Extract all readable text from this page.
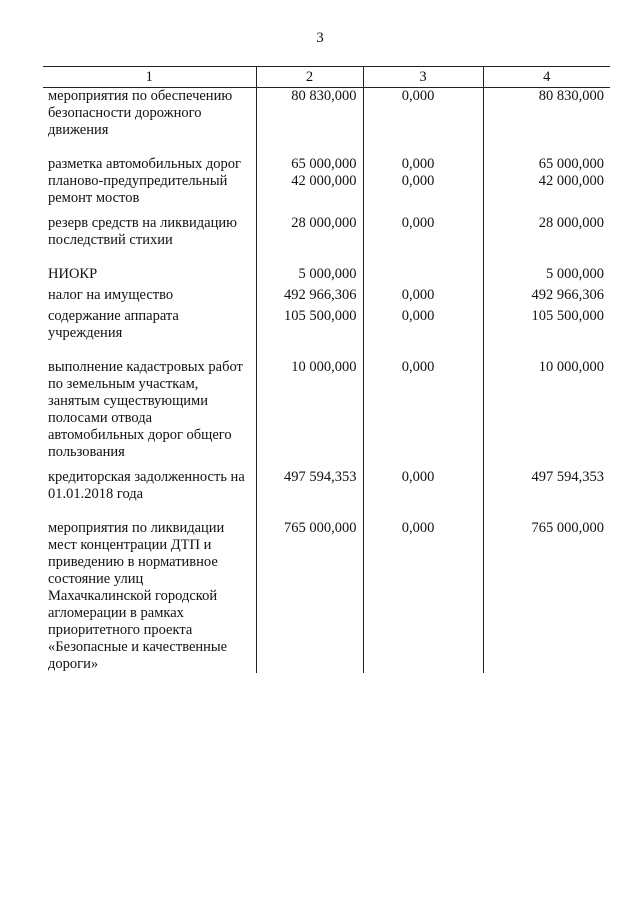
3
1	2	3	4
мероприятия по обеспечению безопасности дорожного движения	80 830,000	0,000	80 830,000
разметка автомобильных дорог	65 000,000	0,000	65 000,000
планово-предупредительный ремонт мостов	42 000,000	0,000	42 000,000
резерв средств на ликвидацию последствий стихии	28 000,000	0,000	28 000,000
НИОКР	5 000,000		5 000,000
налог на имущество	492 966,306	0,000	492 966,306
содержание аппарата учреждения	105 500,000	0,000	105 500,000
выполнение кадастровых работ по земельным участкам, занятым существующими полосами отвода автомобильных дорог общего пользования	10 000,000	0,000	10 000,000
кредиторская задолженность на 01.01.2018 года	497 594,353	0,000	497 594,353
мероприятия по ликвидации мест концентрации ДТП и приведению в нормативное состояние улиц Махачкалинской городской агломерации в рамках приоритетного проекта «Безопасные и качественные дороги»	765 000,000	0,000	765 000,000
